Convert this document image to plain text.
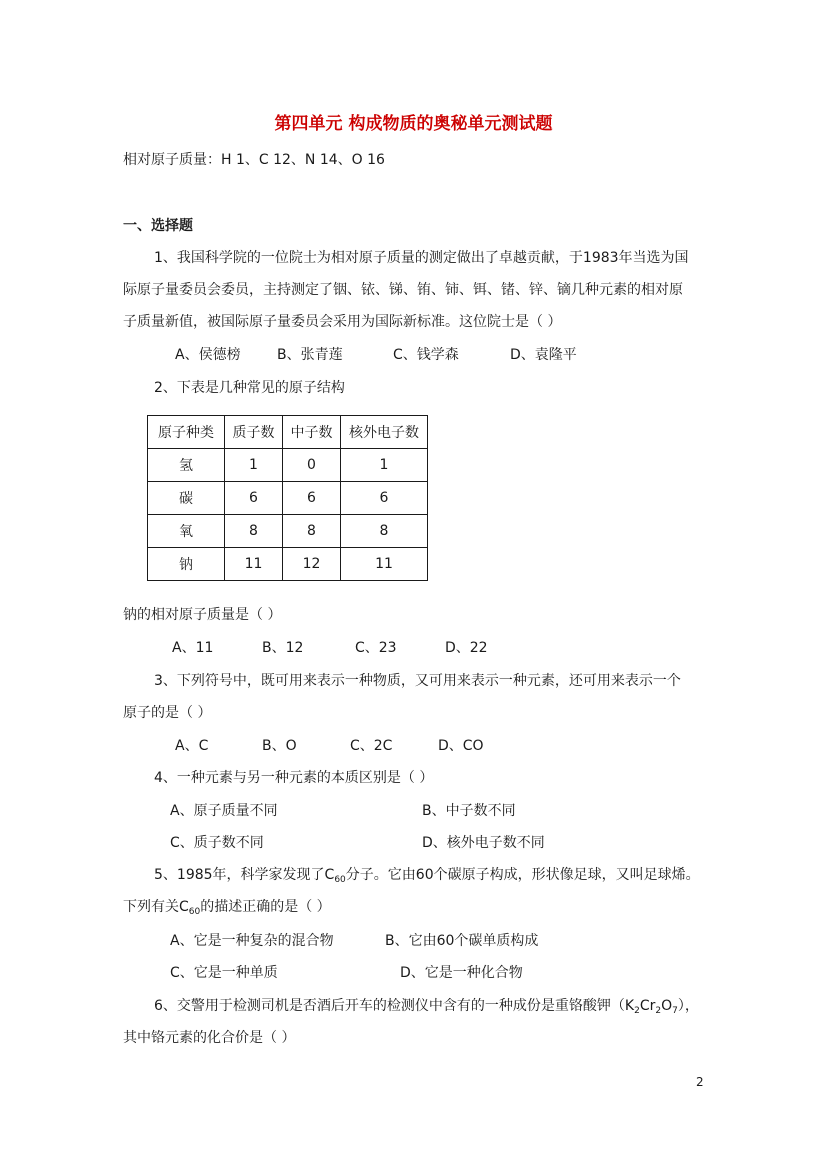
第四单元 构成物质的奥秘单元测试题
相对原子质量：H 1、C 12、N 14、O 16
一、选择题
1、我国科学院的一位院士为相对原子质量的测定做出了卓越贡献，于1983年当选为国
际原子量委员会委员，主持测定了铟、铱、锑、铕、铈、铒、锗、锌、镝几种元素的相对原
子质量新值，被国际原子量委员会采用为国际新标准。这位院士是（ ）
A、侯德榜	B、张青莲	C、钱学森	D、袁隆平
2、下表是几种常见的原子结构
原子种类	质子数	中子数	核外电子数
氢	1	0	1
碳	6	6	6
氧	8	8	8
钠	11	12	11
钠的相对原子质量是（ ）
A、11	B、12	C、23	D、22
3、下列符号中，既可用来表示一种物质，又可用来表示一种元素，还可用来表示一个
原子的是（ ）
A、C	B、O	C、2C	D、CO
4、一种元素与另一种元素的本质区别是（ ）
A、原子质量不同	B、中子数不同
C、质子数不同	D、核外电子数不同
5、1985年，科学家发现了$C_{60}$分子。它由60个碳原子构成，形状像足球，又叫足球烯。
下列有关$C_{60}$的描述正确的是（ ）
A、它是一种复杂的混合物	B、它由60个碳单质构成
C、它是一种单质	D、它是一种化合物
6、交警用于检测司机是否酒后开车的检测仪中含有的一种成份是重铬酸钾$(K_2Cr_2O_7)$，
其中铬元素的化合价是（ ）
2
